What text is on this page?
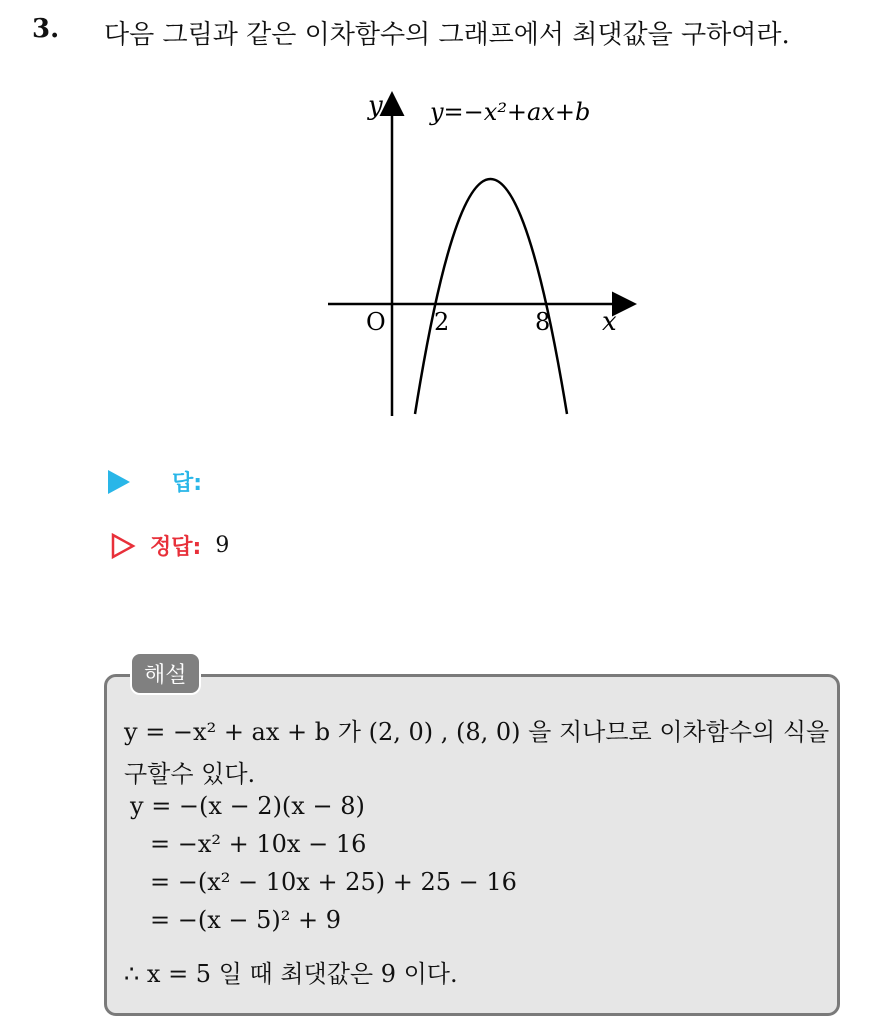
3. 다음 그림과 같은 이차함수의 그래프에서 최댓값을 구하여라.
y y=−x²+ax+b
O 2	8 x
답:
정답: 9
해설
y = −x² + ax + b 가 (2, 0) , (8, 0) 을 지나므로 이차함수의 식을
구할수 있다.
y = −(x − 2)(x − 8)
= −x² + 10x − 16
= −(x² − 10x + 25) + 25 − 16
= −(x − 5)² + 9
∴ x = 5 일 때 최댓값은 9 이다.
